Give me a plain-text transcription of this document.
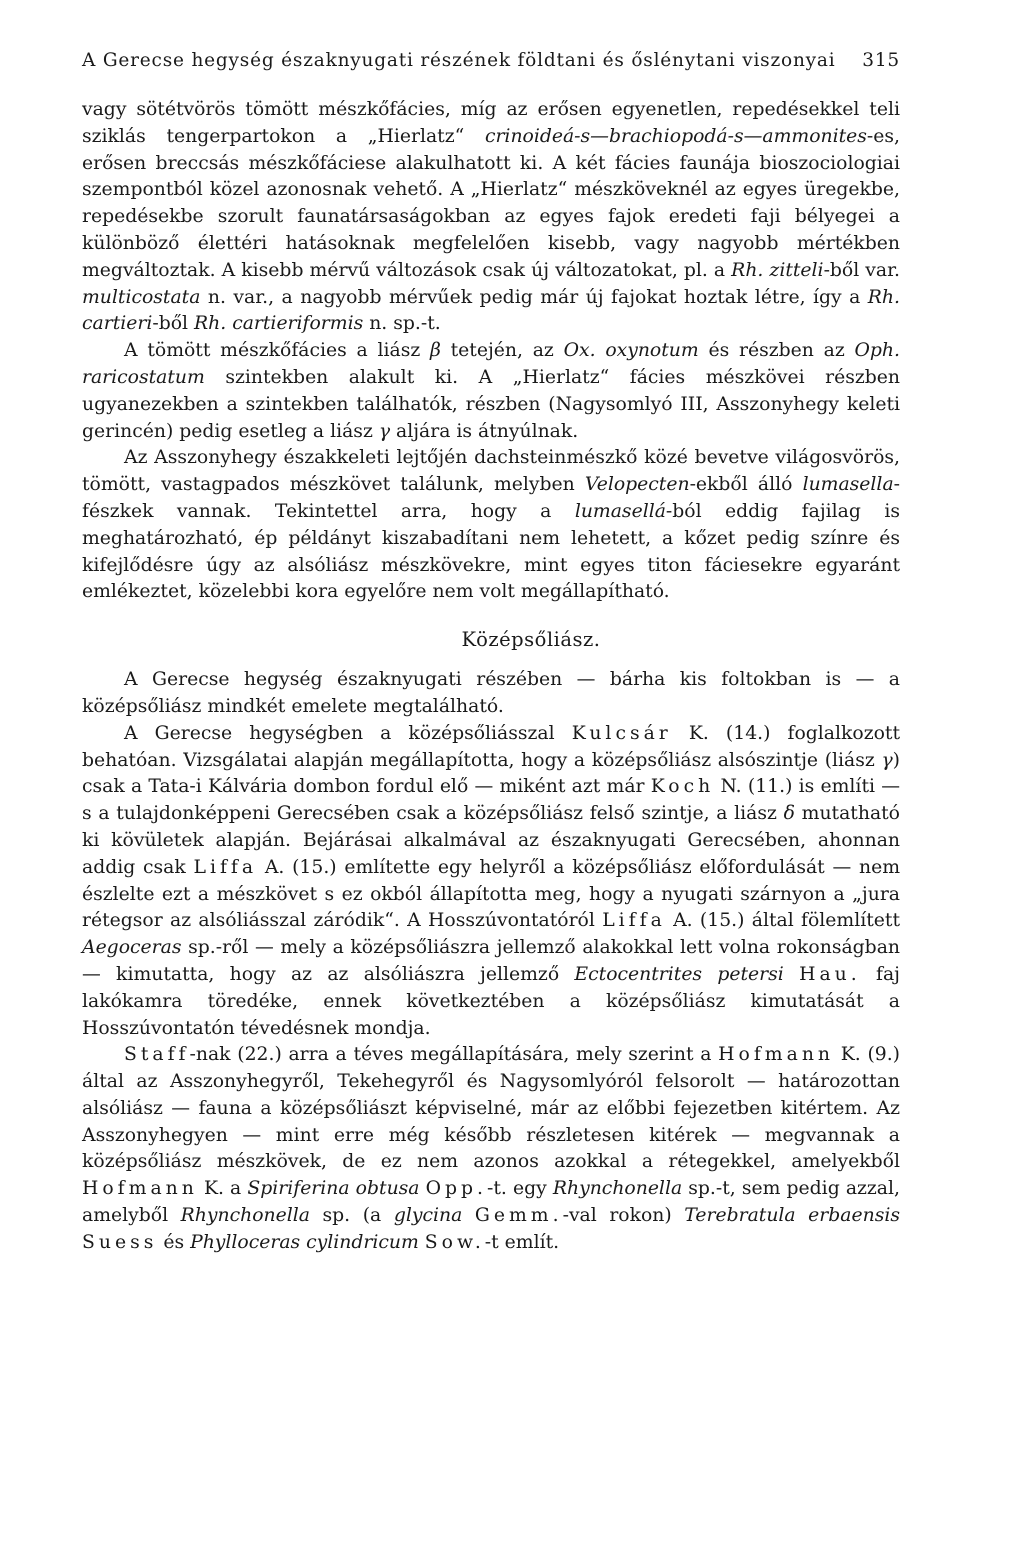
A Gerecse hegység északnyugati részének földtani és őslénytani viszonyai 315

vagy sötétvörös tömött mészkőfácies, míg az erősen egyenetlen, repedésekkel teli sziklás tengerpartokon a „Hierlatz“ crinoideá-s—brachiopodá-s—ammonites-es, erősen breccsás mészkőfáciese alakulhatott ki. A két fácies faunája bioszociologiai szempontból közel azonosnak vehető. A „Hierlatz“ mészköveknél az egyes üregekbe, repedésekbe szorult faunatársaságokban az egyes fajok eredeti faji bélyegei a különböző élettéri hatásoknak megfelelően kisebb, vagy nagyobb mértékben megváltoztak. A kisebb mérvű változások csak új változatokat, pl. a Rh. zitteli-ből var. multicostata n. var., a nagyobb mérvűek pedig már új fajokat hoztak létre, így a Rh. cartieri-ből Rh. cartieriformis n. sp.-t.

A tömött mészkőfácies a liász β tetején, az Ox. oxynotum és részben az Oph. raricostatum szintekben alakult ki. A „Hierlatz“ fácies mészkövei részben ugyanezekben a szintekben találhatók, részben (Nagysomlyó III, Asszonyhegy keleti gerincén) pedig esetleg a liász γ aljára is átnyúlnak.

Az Asszonyhegy északkeleti lejtőjén dachsteinmészkő közé bevetve világosvörös, tömött, vastagpados mészkövet találunk, melyben Velopecten-ekből álló lumasella-fészkek vannak. Tekintettel arra, hogy a lumasellá-ból eddig fajilag is meghatározható, ép példányt kiszabadítani nem lehetett, a kőzet pedig színre és kifejlődésre úgy az alsóliász mészkövekre, mint egyes titon fáciesekre egyaránt emlékeztet, közelebbi kora egyelőre nem volt megállapítható.

Középsőliász.

A Gerecse hegység északnyugati részében — bárha kis foltokban is — a középsőliász mindkét emelete megtalálható.

A Gerecse hegységben a középsőliásszal Kulcsár K. (14.) foglalkozott behatóan. Vizsgálatai alapján megállapította, hogy a középsőliász alsószintje (liász γ) csak a Tata-i Kálvária dombon fordul elő — miként azt már Koch N. (11.) is említi — s a tulajdonképpeni Gerecsében csak a középsőliász felső szintje, a liász δ mutatható ki kövületek alapján. Bejárásai alkalmával az északnyugati Gerecsében, ahonnan addig csak Liffa A. (15.) említette egy helyről a középsőliász előfordulását — nem észlelte ezt a mészkövet s ez okból állapította meg, hogy a nyugati szárnyon a „jura rétegsor az alsóliásszal záródik“. A Hosszúvontatóról Liffa A. (15.) által fölemlített Aegoceras sp.-ről — mely a középsőliászra jellemző alakokkal lett volna rokonságban — kimutatta, hogy az az alsóliászra jellemző Ectocentrites petersi Hau. faj lakókamra töredéke, ennek következtében a középsőliász kimutatását a Hosszúvontatón tévedésnek mondja.

Staff-nak (22.) arra a téves megállapítására, mely szerint a Hofmann K. (9.) által az Asszonyhegyről, Tekehegyről és Nagysomlyóról felsorolt — határozottan alsóliász — fauna a középsőliászt képviselné, már az előbbi fejezetben kitértem. Az Asszonyhegyen — mint erre még később részletesen kitérek — megvannak a középsőliász mészkövek, de ez nem azonos azokkal a rétegekkel, amelyekből Hofmann K. a Spiriferina obtusa Opp.-t. egy Rhynchonella sp.-t, sem pedig azzal, amelyből Rhynchonella sp. (a glycina Gemm.-val rokon) Terebratula erbaensis Suess és Phylloceras cylindricum Sow.-t említ.
